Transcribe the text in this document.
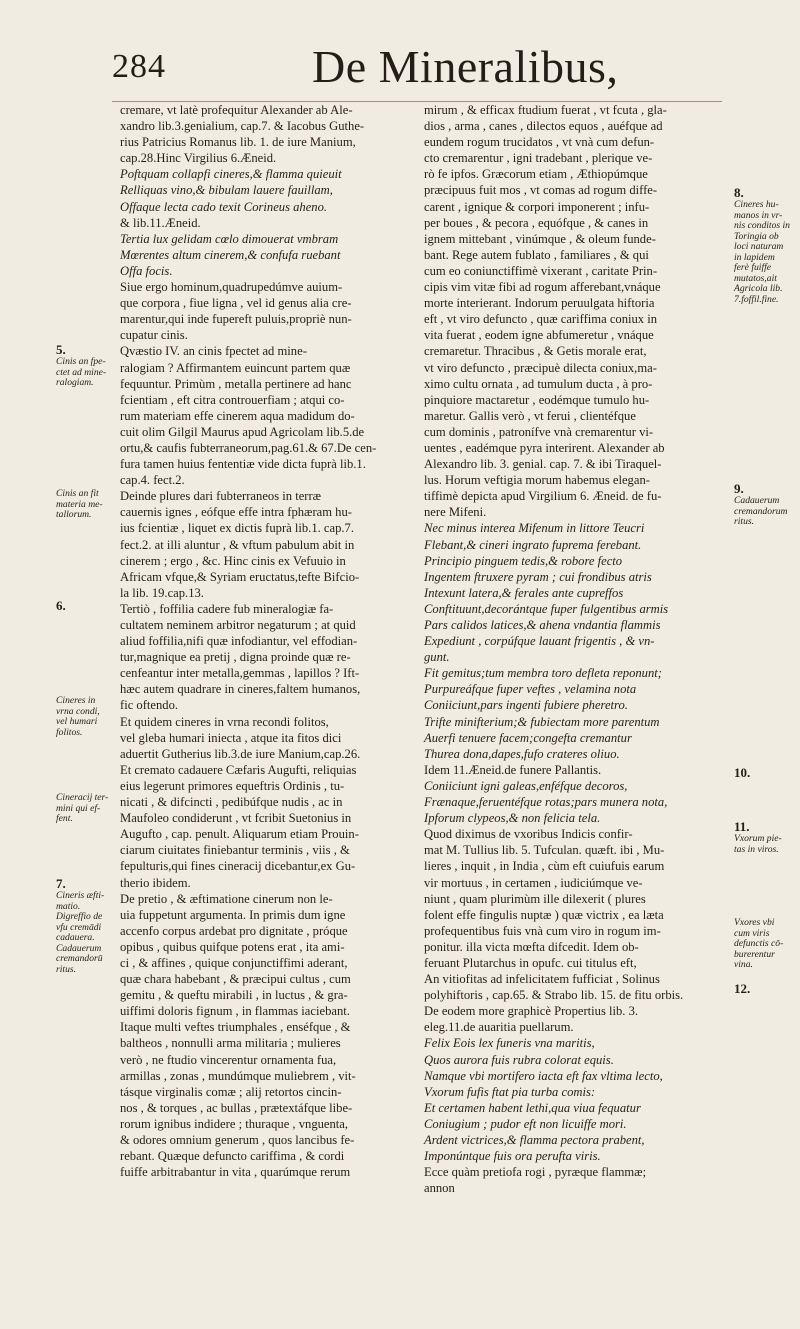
284	De Mineralibus,
cremare, vt latè profequitur Alexander ab Ale-
xandro lib.3.genialium, cap.7. & Iacobus Guthe-
rius Patricius Romanus lib. 1. de iure Manium,
cap.28.Hinc Virgilius 6.Æneid.
Poftquam collapfi cineres,& flamma quieuit
Relliquas vino,& bibulam lauere fauillam,
Offaque lecta cado texit Corineus aheno.
& lib.11.Æneid.
Tertia lux gelidam cœlo dimouerat vmbram
Mœrentes altum cinerem,& confufa ruebant
Offa focis.
Siue ergo hominum,quadrupedúmve auium-
que corpora , fiue ligna , vel id genus alia cre-
marentur,qui inde fupereft puluis,propriè nun-
cupatur cinis.
Qvæstio IV. an cinis fpectet ad mine-
ralogiam ? Affirmantem euincunt partem quæ
fequuntur. Primùm , metalla pertinere ad hanc
fcientiam , eft citra controuerfiam ; atqui co-
rum materiam effe cinerem aqua madidum do-
cuit olim Gilgil Maurus apud Agricolam lib.5.de
ortu,& caufis fubterraneorum,pag.61.& 67.De cen-
fura tamen huius fententiæ vide dicta fuprà lib.1.
cap.4. fect.2.
Deinde plures dari fubterraneos in terræ
cauernis ignes , eófque effe intra fphæram hu-
ius fcientiæ , liquet ex dictis fuprà lib.1. cap.7.
fect.2. at illi aluntur , & vftum pabulum abit in
cinerem ; ergo , &c. Hinc cinis ex Vefuuio in
Africam vfque,& Syriam eructatus,tefte Bifcio-
la lib. 19.cap.13.
Tertiò , foffilia cadere fub mineralogiæ fa-
cultatem neminem arbitror negaturum ; at quid
aliud foffilia,nifi quæ infodiantur, vel effodian-
tur,magnique ea pretij , digna proinde quæ re-
cenfeantur inter metalla,gemmas , lapillos ? Ift-
hæc autem quadrare in cineres,faltem humanos,
fic oftendo.
Et quidem cineres in vrna recondi folitos,
vel gleba humari iniecta , atque ita fitos dici
aduertit Gutherius lib.3.de iure Manium,cap.26.
Et cremato cadauere Cæfaris Augufti, reliquias
eius legerunt primores equeftris Ordinis , tu-
nicati , & difcincti , pedibúfque nudis , ac in
Maufoleo condiderunt , vt fcribit Suetonius in
Augufto , cap. penult. Aliquarum etiam Prouin-
ciarum ciuitates finiebantur terminis , viis , &
fepulturis,qui fines cineracij dicebantur,ex Gu-
therio ibidem.
De pretio , & æftimatione cinerum non le-
uia fuppetunt argumenta. In primis dum igne
accenfo corpus ardebat pro dignitate , próque
opibus , quibus quifque potens erat , ita ami-
ci , & affines , quique conjunctiffimi aderant,
quæ chara habebant , & præcipui cultus , cum
gemitu , & queftu mirabili , in luctus , & gra-
uiffimi doloris fignum , in flammas iaciebant.
Itaque multi veftes triumphales , enséfque , &
baltheos , nonnulli arma militaria ; mulieres
verò , ne ftudio vincerentur ornamenta fua,
armillas , zonas , mundúmque muliebrem , vit-
tásque virginalis comæ ; alij retortos cincin-
nos , & torques , ac bullas , prætextáfque libe-
rorum ignibus indidere ; thuraque , vnguenta,
& odores omnium generum , quos lancibus fe-
rebant. Quæque defuncto cariffima , & cordi
fuiffe arbitrabantur in vita , quarúmque rerum
mirum , & efficax ftudium fuerat , vt fcuta , gla-
dios , arma , canes , dilectos equos , auéfque ad
eundem rogum trucidatos , vt vnà cum defun-
cto cremarentur , igni tradebant , plerique ve-
rò fe ipfos. Græcorum etiam , Æthiopúmque
præcipuus fuit mos , vt comas ad rogum diffe-
carent , ignique & corpori imponerent ; infu-
per boues , & pecora , equófque , & canes in
ignem mittebant , vinúmque , & oleum funde-
bant. Rege autem fublato , familiares , & qui
cum eo coniunctiffimè vixerant , caritate Prin-
cipis vim vitæ fibi ad rogum afferebant,vnáque
morte interierant. Indorum peruulgata hiftoria
eft , vt viro defuncto , quæ cariffima coniux in
vita fuerat , eodem igne abfumeretur , vnáque
cremaretur. Thracibus , & Getis morale erat,
vt viro defuncto , præcipuè dilecta coniux,ma-
ximo cultu ornata , ad tumulum ducta , à pro-
pinquiore mactaretur , eodémque tumulo hu-
maretur. Gallis verò , vt ferui , clientéfque
cum dominis , patronífve vnà cremarentur vi-
uentes , eadémque pyra interirent. Alexander ab
Alexandro lib. 3. genial. cap. 7. & ibi Tiraquel-
lus. Horum veftigia morum habemus elegan-
tiffimè depicta apud Virgilium 6. Æneid. de fu-
nere Mifeni.
Nec minus interea Mifenum in littore Teucri
Flebant,& cineri ingrato fuprema ferebant.
Principio pinguem tedis,& robore fecto
Ingentem ftruxere pyram ; cui frondibus atris
Intexunt latera,& ferales ante cupreffos
Conftituunt,decorántque fuper fulgentibus armis
Pars calidos latices,& ahena vndantia flammis
Expediunt , corpúfque lauant frigentis , & vn-
gunt.
Fit gemitus;tum membra toro defleta reponunt;
Purpureáfque fuper veftes , velamina nota
Coniiciunt,pars ingenti fubiere pheretro.
Trifte minifterium;& fubiectam more parentum
Auerfi tenuere facem;congefta cremantur
Thurea dona,dapes,fufo crateres oliuo.
Idem 11.Æneid.de funere Pallantis.
Coniiciunt igni galeas,enféfque decoros,
Frænaque,feruentéfque rotas;pars munera nota,
Ipforum clypeos,& non felicia tela.
Quod diximus de vxoribus Indicis confir-
mat M. Tullius lib. 5. Tufculan. quæft. ibi , Mu-
lieres , inquit , in India , cùm eft cuiufuis earum
vir mortuus , in certamen , iudiciúmque ve-
niunt , quam plurimùm ille dilexerit ( plures
folent effe fingulis nuptæ ) quæ victrix , ea læta
profequentibus fuis vnà cum viro in rogum im-
ponitur. illa victa mœfta difcedit. Idem ob-
feruant Plutarchus in opufc. cui titulus eft,
An vitiofitas ad infelicitatem fufficiat , Solinus
polyhiftoris , cap.65. & Strabo lib. 15. de fitu orbis.
De eodem more graphicè Propertius lib. 3.
eleg.11.de auaritia puellarum.
Felix Eois lex funeris vna maritis,
Quos aurora fuis rubra colorat equis.
Namque vbi mortifero iacta eft fax vltima lecto,
Vxorum fufis ftat pia turba comis:
Et certamen habent lethi,qua viua fequatur
Coniugium ; pudor eft non licuiffe mori.
Ardent victrices,& flamma pectora prabent,
Imponúntque fuis ora perufta viris.
Ecce quàm pretiofa rogi , pyræque flammæ;
annon
5.
Cinis an fpe-
ctet ad mine-
ralogiam.
Cinis an fit
materia me-
tallorum.
6.
Cineres in
vrna condi,
vel humari
folitos.
Cineracij ter-
mini qui ef-
fent.
7.
Cineris æfti-
matio.
Digreffio de
vfu cremādi
cadauera.
Cadauerum
cremandorū
ritus.
8.
Cineres hu-
manos in vr-
nis conditos in
Toringia ob
loci naturam
in lapidem
ferè fuiffe
mutatos,ait
Agricola lib.
7.foffil.fine.
9.
Cadauerum
cremandorum
ritus.
10.
11.
Vxorum pie-
tas in viros.
Vxores vbi
cum viris
defunctis cō-
burerentur
vina.
12.
